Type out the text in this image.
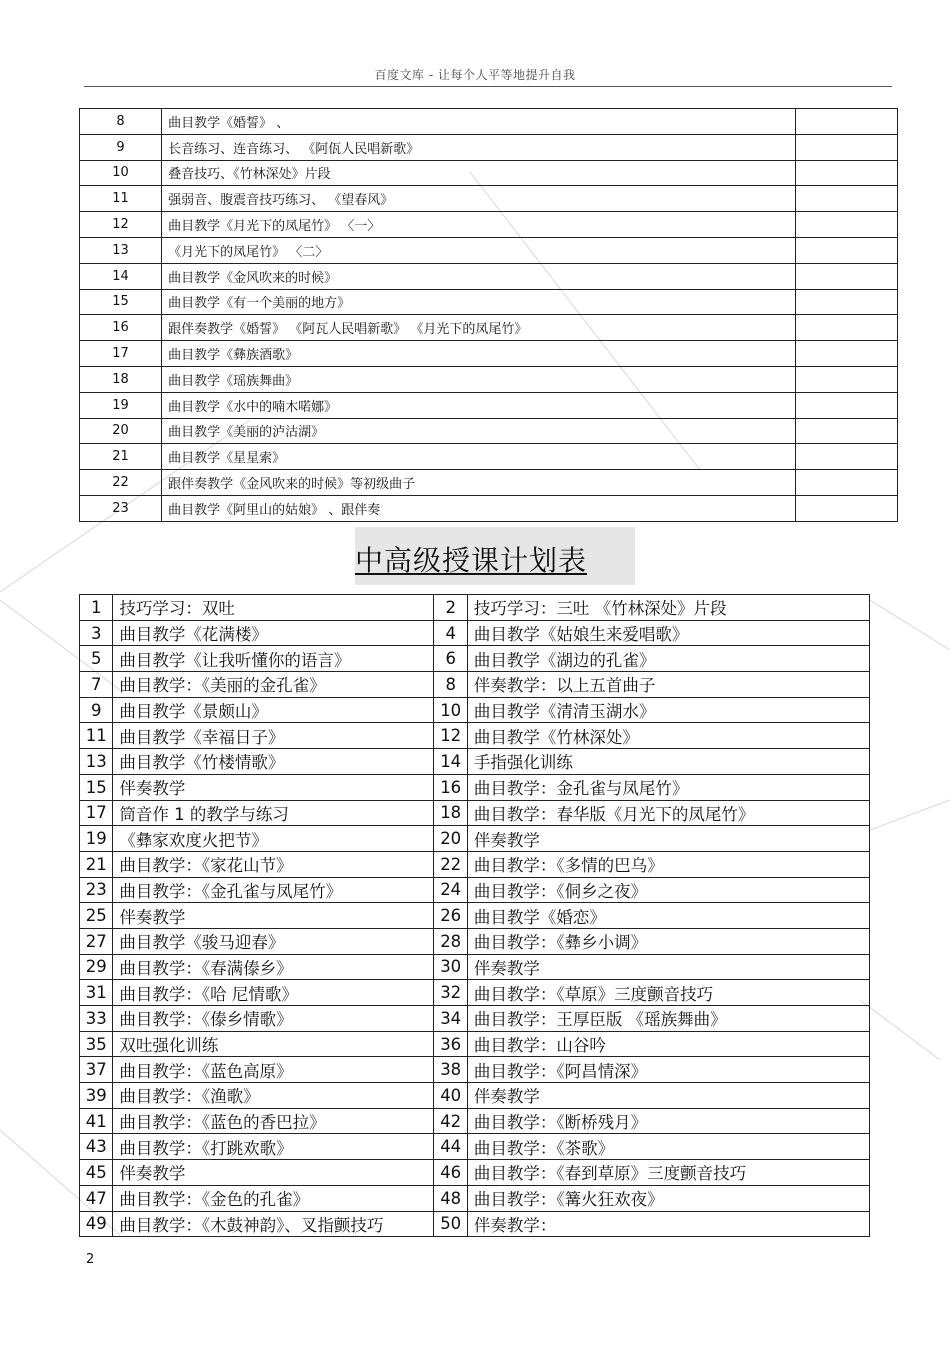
百度文库 - 让每个人平等地提升自我
8	曲目教学《婚誓》 、	
9	长音练习、连音练习、 《阿佤人民唱新歌》	
10	叠音技巧、《竹林深处》片段	
11	强弱音、腹震音技巧练习、 《望春风》	
12	曲目教学《月光下的凤尾竹》 〈一〉	
13	《月光下的凤尾竹》 〈二〉	
14	曲目教学《金风吹来的时候》	
15	曲目教学《有一个美丽的地方》	
16	跟伴奏教学《婚誓》 《阿瓦人民唱新歌》 《月光下的凤尾竹》	
17	曲目教学《彝族酒歌》	
18	曲目教学《瑶族舞曲》	
19	曲目教学《水中的喃木喏娜》	
20	曲目教学《美丽的泸沽湖》	
21	曲目教学《星星索》	
22	跟伴奏教学《金风吹来的时候》等初级曲子	
23	曲目教学《阿里山的姑娘》 、跟伴奏	
中高级授课计划表
1	技巧学习：双吐	2	技巧学习：三吐 《竹林深处》片段
3	曲目教学《花满楼》	4	曲目教学《姑娘生来爱唱歌》
5	曲目教学《让我听懂你的语言》	6	曲目教学《湖边的孔雀》
7	曲目教学：《美丽的金孔雀》	8	伴奏教学：以上五首曲子
9	曲目教学《景颇山》	10	曲目教学《清清玉湖水》
11	曲目教学《幸福日子》	12	曲目教学《竹林深处》
13	曲目教学《竹楼情歌》	14	手指强化训练
15	伴奏教学	16	曲目教学：金孔雀与凤尾竹》
17	筒音作 1 的教学与练习	18	曲目教学：春华版《月光下的凤尾竹》
19	《彝家欢度火把节》	20	伴奏教学
21	曲目教学：《家花山节》	22	曲目教学：《多情的巴乌》
23	曲目教学：《金孔雀与凤尾竹》	24	曲目教学：《侗乡之夜》
25	伴奏教学	26	曲目教学《婚恋》
27	曲目教学《骏马迎春》	28	曲目教学：《彝乡小调》
29	曲目教学：《春满傣乡》	30	伴奏教学
31	曲目教学：《哈 尼情歌》	32	曲目教学：《草原》三度颤音技巧
33	曲目教学：《傣乡情歌》	34	曲目教学：王厚臣版 《瑶族舞曲》
35	双吐强化训练	36	曲目教学：山谷吟
37	曲目教学：《蓝色高原》	38	曲目教学：《阿昌情深》
39	曲目教学：《渔歌》	40	伴奏教学
41	曲目教学：《蓝色的香巴拉》	42	曲目教学：《断桥残月》
43	曲目教学：《打跳欢歌》	44	曲目教学：《茶歌》
45	伴奏教学	46	曲目教学：《春到草原》三度颤音技巧
47	曲目教学：《金色的孔雀》	48	曲目教学：《篝火狂欢夜》
49	曲目教学：《木鼓神韵》、叉指颤技巧	50	伴奏教学：
2
